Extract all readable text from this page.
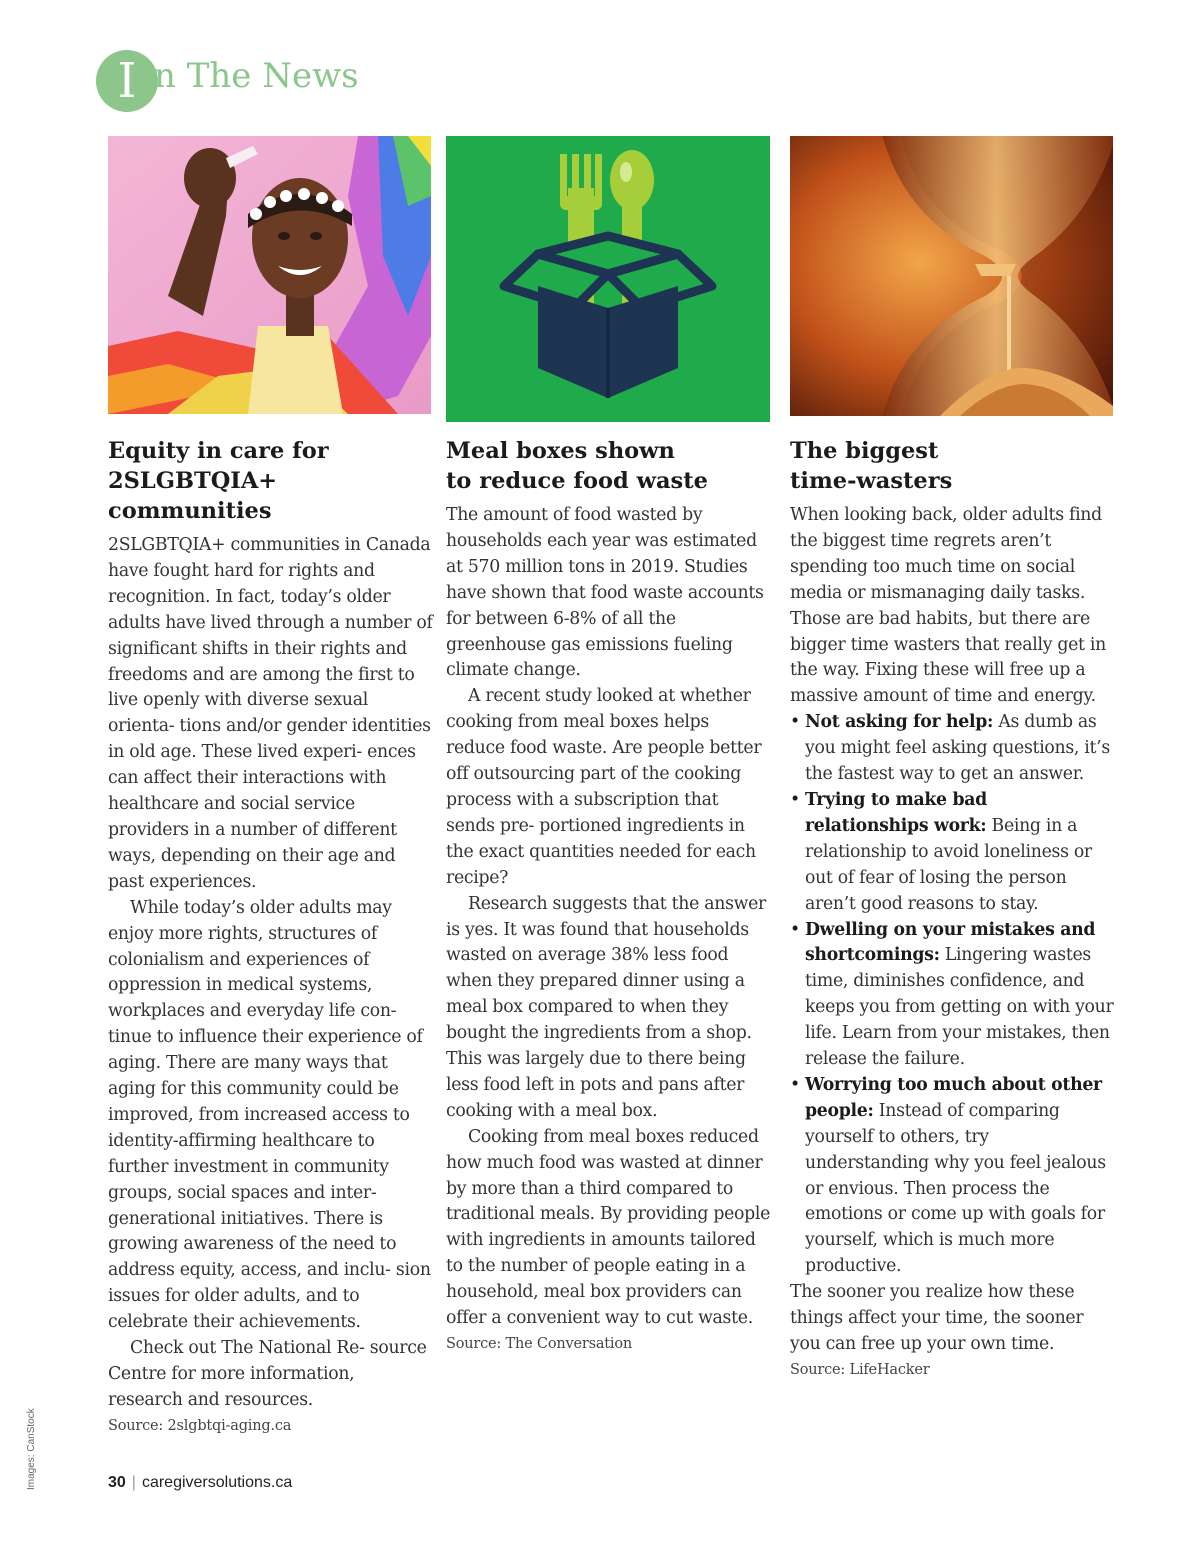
I n The News
Equity in care for
2SLGBTQIA+ communities

2SLGBTQIA+ communities in Canada have fought hard for rights and recognition. In fact, today’s older adults have lived through a number of significant shifts in their rights and freedoms and are among the first to live openly with diverse sexual orienta- tions and/or gender identities in old age. These lived experi- ences can affect their interactions with healthcare and social service providers in a number of different ways, depending on their age and past experiences.

While today’s older adults may enjoy more rights, structures of colonialism and experiences of oppression in medical systems, workplaces and everyday life con- tinue to influence their experience of aging. There are many ways that aging for this community could be improved, from increased access to identity-affirming healthcare to further investment in community groups, social spaces and inter- generational initiatives. There is growing awareness of the need to address equity, access, and inclu- sion issues for older adults, and to celebrate their achievements.

Check out The National Re- source Centre for more information, research and resources.

Source: 2slgbtqi-aging.ca
Meal boxes shown
to reduce food waste

The amount of food wasted by households each year was estimated at 570 million tons in 2019. Studies have shown that food waste accounts for between 6-8% of all the greenhouse gas emissions fueling climate change.

A recent study looked at whether cooking from meal boxes helps reduce food waste. Are people better off outsourcing part of the cooking process with a subscription that sends pre- portioned ingredients in the exact quantities needed for each recipe?

Research suggests that the answer is yes. It was found that households wasted on average 38% less food when they prepared dinner using a meal box compared to when they bought the ingredients from a shop. This was largely due to there being less food left in pots and pans after cooking with a meal box.

Cooking from meal boxes reduced how much food was wasted at dinner by more than a third compared to traditional meals. By providing people with ingredients in amounts tailored to the number of people eating in a household, meal box providers can offer a convenient way to cut waste.

Source: The Conversation
The biggest
time-wasters

When looking back, older adults find the biggest time regrets aren’t spending too much time on social media or mismanaging daily tasks. Those are bad habits, but there are bigger time wasters that really get in the way. Fixing these will free up a massive amount of time and energy.

• Not asking for help: As dumb as you might feel asking questions, it’s the fastest way to get an answer.
• Trying to make bad relationships work: Being in a relationship to avoid loneliness or out of fear of losing the person aren’t good reasons to stay.
• Dwelling on your mistakes and shortcomings: Lingering wastes time, diminishes confidence, and keeps you from getting on with your life. Learn from your mistakes, then release the failure.
• Worrying too much about other people: Instead of comparing yourself to others, try understanding why you feel jealous or envious. Then process the emotions or come up with goals for yourself, which is much more productive.

The sooner you realize how these things affect your time, the sooner you can free up your own time.

Source: LifeHacker
Images: CanStock	30 | caregiversolutions.ca
